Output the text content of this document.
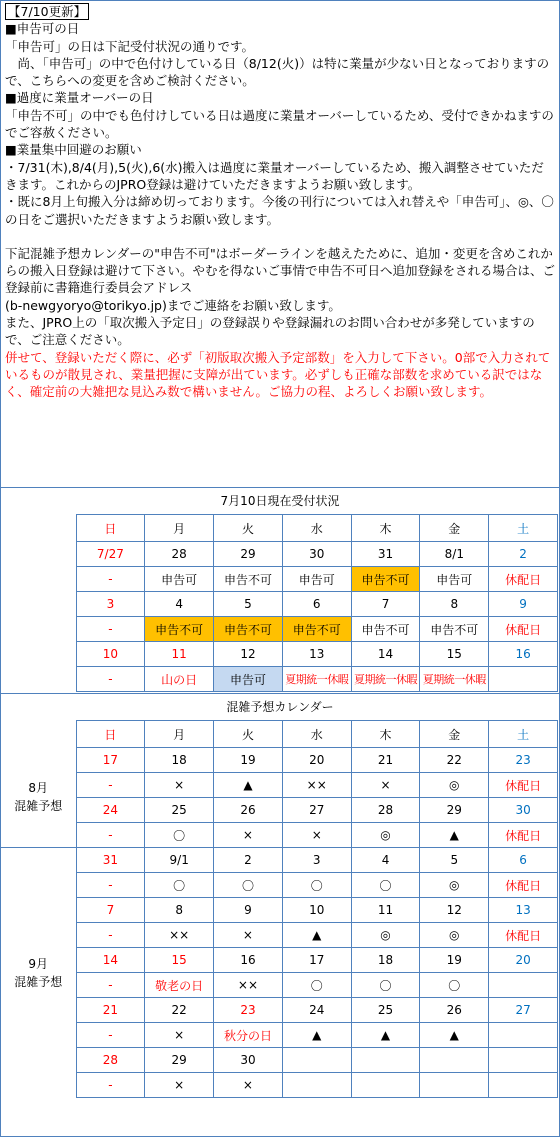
【7/10更新】

■申告可の日

「申告可」の日は下記受付状況の通りです。

　尚、「申告可」の中で色付けしている日（8/12(火)）は特に業量が少ない日となっておりますので、こちらへの変更を含めご検討ください。

■過度に業量オーバーの日

「申告不可」の中でも色付けしている日は過度に業量オーバーしているため、受付できかねますのでご容赦ください。

■業量集中回避のお願い

・7/31(木),8/4(月),5(火),6(水)搬入は過度に業量オーバーしているため、搬入調整させていただきます。これからのJPRO登録は避けていただきますようお願い致します。

・既に8月上旬搬入分は締め切っております。今後の刊行については入れ替えや「申告可」、◎、〇の日をご選択いただきますようお願い致します。

下記混雑予想カレンダーの"申告不可"はボーダーラインを越えたために、追加・変更を含めこれからの搬入日登録は避けて下さい。やむを得ないご事情で申告不可日へ追加登録をされる場合は、ご登録前に書籍進行委員会アドレス

(b-newgyoryo@torikyo.jp)までご連絡をお願い致します。

また、JPRO上の「取次搬入予定日」の登録誤りや登録漏れのお問い合わせが多発していますので、ご注意ください。

併せて、登録いただく際に、必ず「初版取次搬入予定部数」を入力して下さい。0部で入力されているものが散見され、業量把握に支障が出ています。必ずしも正確な部数を求めている訳ではなく、確定前の大雑把な見込み数で構いません。ご協力の程、よろしくお願い致します。

7月10日現在受付状況
	日	月	火	水	木	金	土
	7/27	28	29	30	31	8/1	2
	-	申告可	申告不可	申告可	申告不可	申告可	休配日
	3	4	5	6	7	8	9
	-	申告不可	申告不可	申告不可	申告不可	申告不可	休配日
	10	11	12	13	14	15	16
	-	山の日	申告可	夏期統一休暇	夏期統一休暇	夏期統一休暇	
混雑予想カレンダー
	日	月	火	水	木	金	土

8月
混雑予想	17	18	19	20	21	22	23
	-	×	▲	××	×	◎	休配日
	24	25	26	27	28	29	30
	-	〇	×	×	◎	▲	休配日

9月
混雑予想	31	9/1	2	3	4	5	6
	-	〇	〇	〇	〇	◎	休配日
	7	8	9	10	11	12	13
	-	××	×	▲	◎	◎	休配日
	14	15	16	17	18	19	20
	-	敬老の日	××	〇	〇	〇	
	21	22	23	24	25	26	27
	-	×	秋分の日	▲	▲	▲	
	28	29	30				
	-	×	×				
